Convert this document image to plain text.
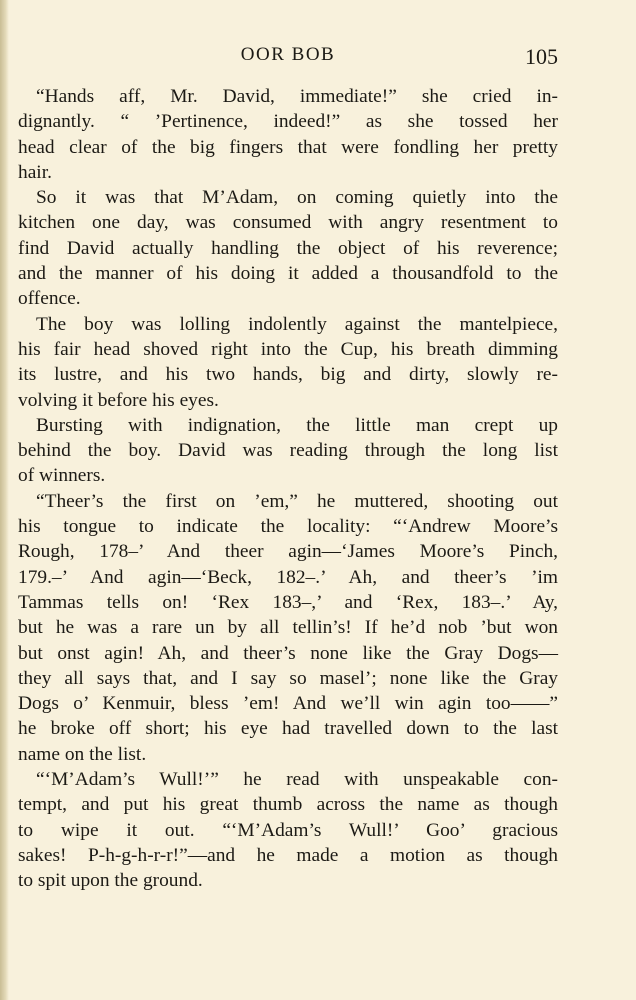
OOR BOB	105
“Hands aff, Mr. David, immediate!” she cried in-
dignantly. “ ’Pertinence, indeed!” as she tossed her
head clear of the big fingers that were fondling her pretty
hair.
So it was that M’Adam, on coming quietly into the
kitchen one day, was consumed with angry resentment to
find David actually handling the object of his reverence;
and the manner of his doing it added a thousandfold to the
offence.
The boy was lolling indolently against the mantelpiece,
his fair head shoved right into the Cup, his breath dimming
its lustre, and his two hands, big and dirty, slowly re-
volving it before his eyes.
Bursting with indignation, the little man crept up
behind the boy. David was reading through the long list
of winners.
“Theer’s the first on ’em,” he muttered, shooting out
his tongue to indicate the locality: “‘Andrew Moore’s
Rough, 178–’ And theer agin—‘James Moore’s Pinch,
179.–’ And agin—‘Beck, 182–.’ Ah, and theer’s ’im
Tammas tells on! ‘Rex 183–,’ and ‘Rex, 183–.’ Ay,
but he was a rare un by all tellin’s! If he’d nob ’but won
but onst agin! Ah, and theer’s none like the Gray Dogs—
they all says that, and I say so masel’; none like the Gray
Dogs o’ Kenmuir, bless ’em! And we’ll win agin too——”
he broke off short; his eye had travelled down to the last
name on the list.
“‘M’Adam’s Wull!’” he read with unspeakable con-
tempt, and put his great thumb across the name as though
to wipe it out. “‘M’Adam’s Wull!’ Goo’ gracious
sakes! P-h-g-h-r-r!”—and he made a motion as though
to spit upon the ground.
